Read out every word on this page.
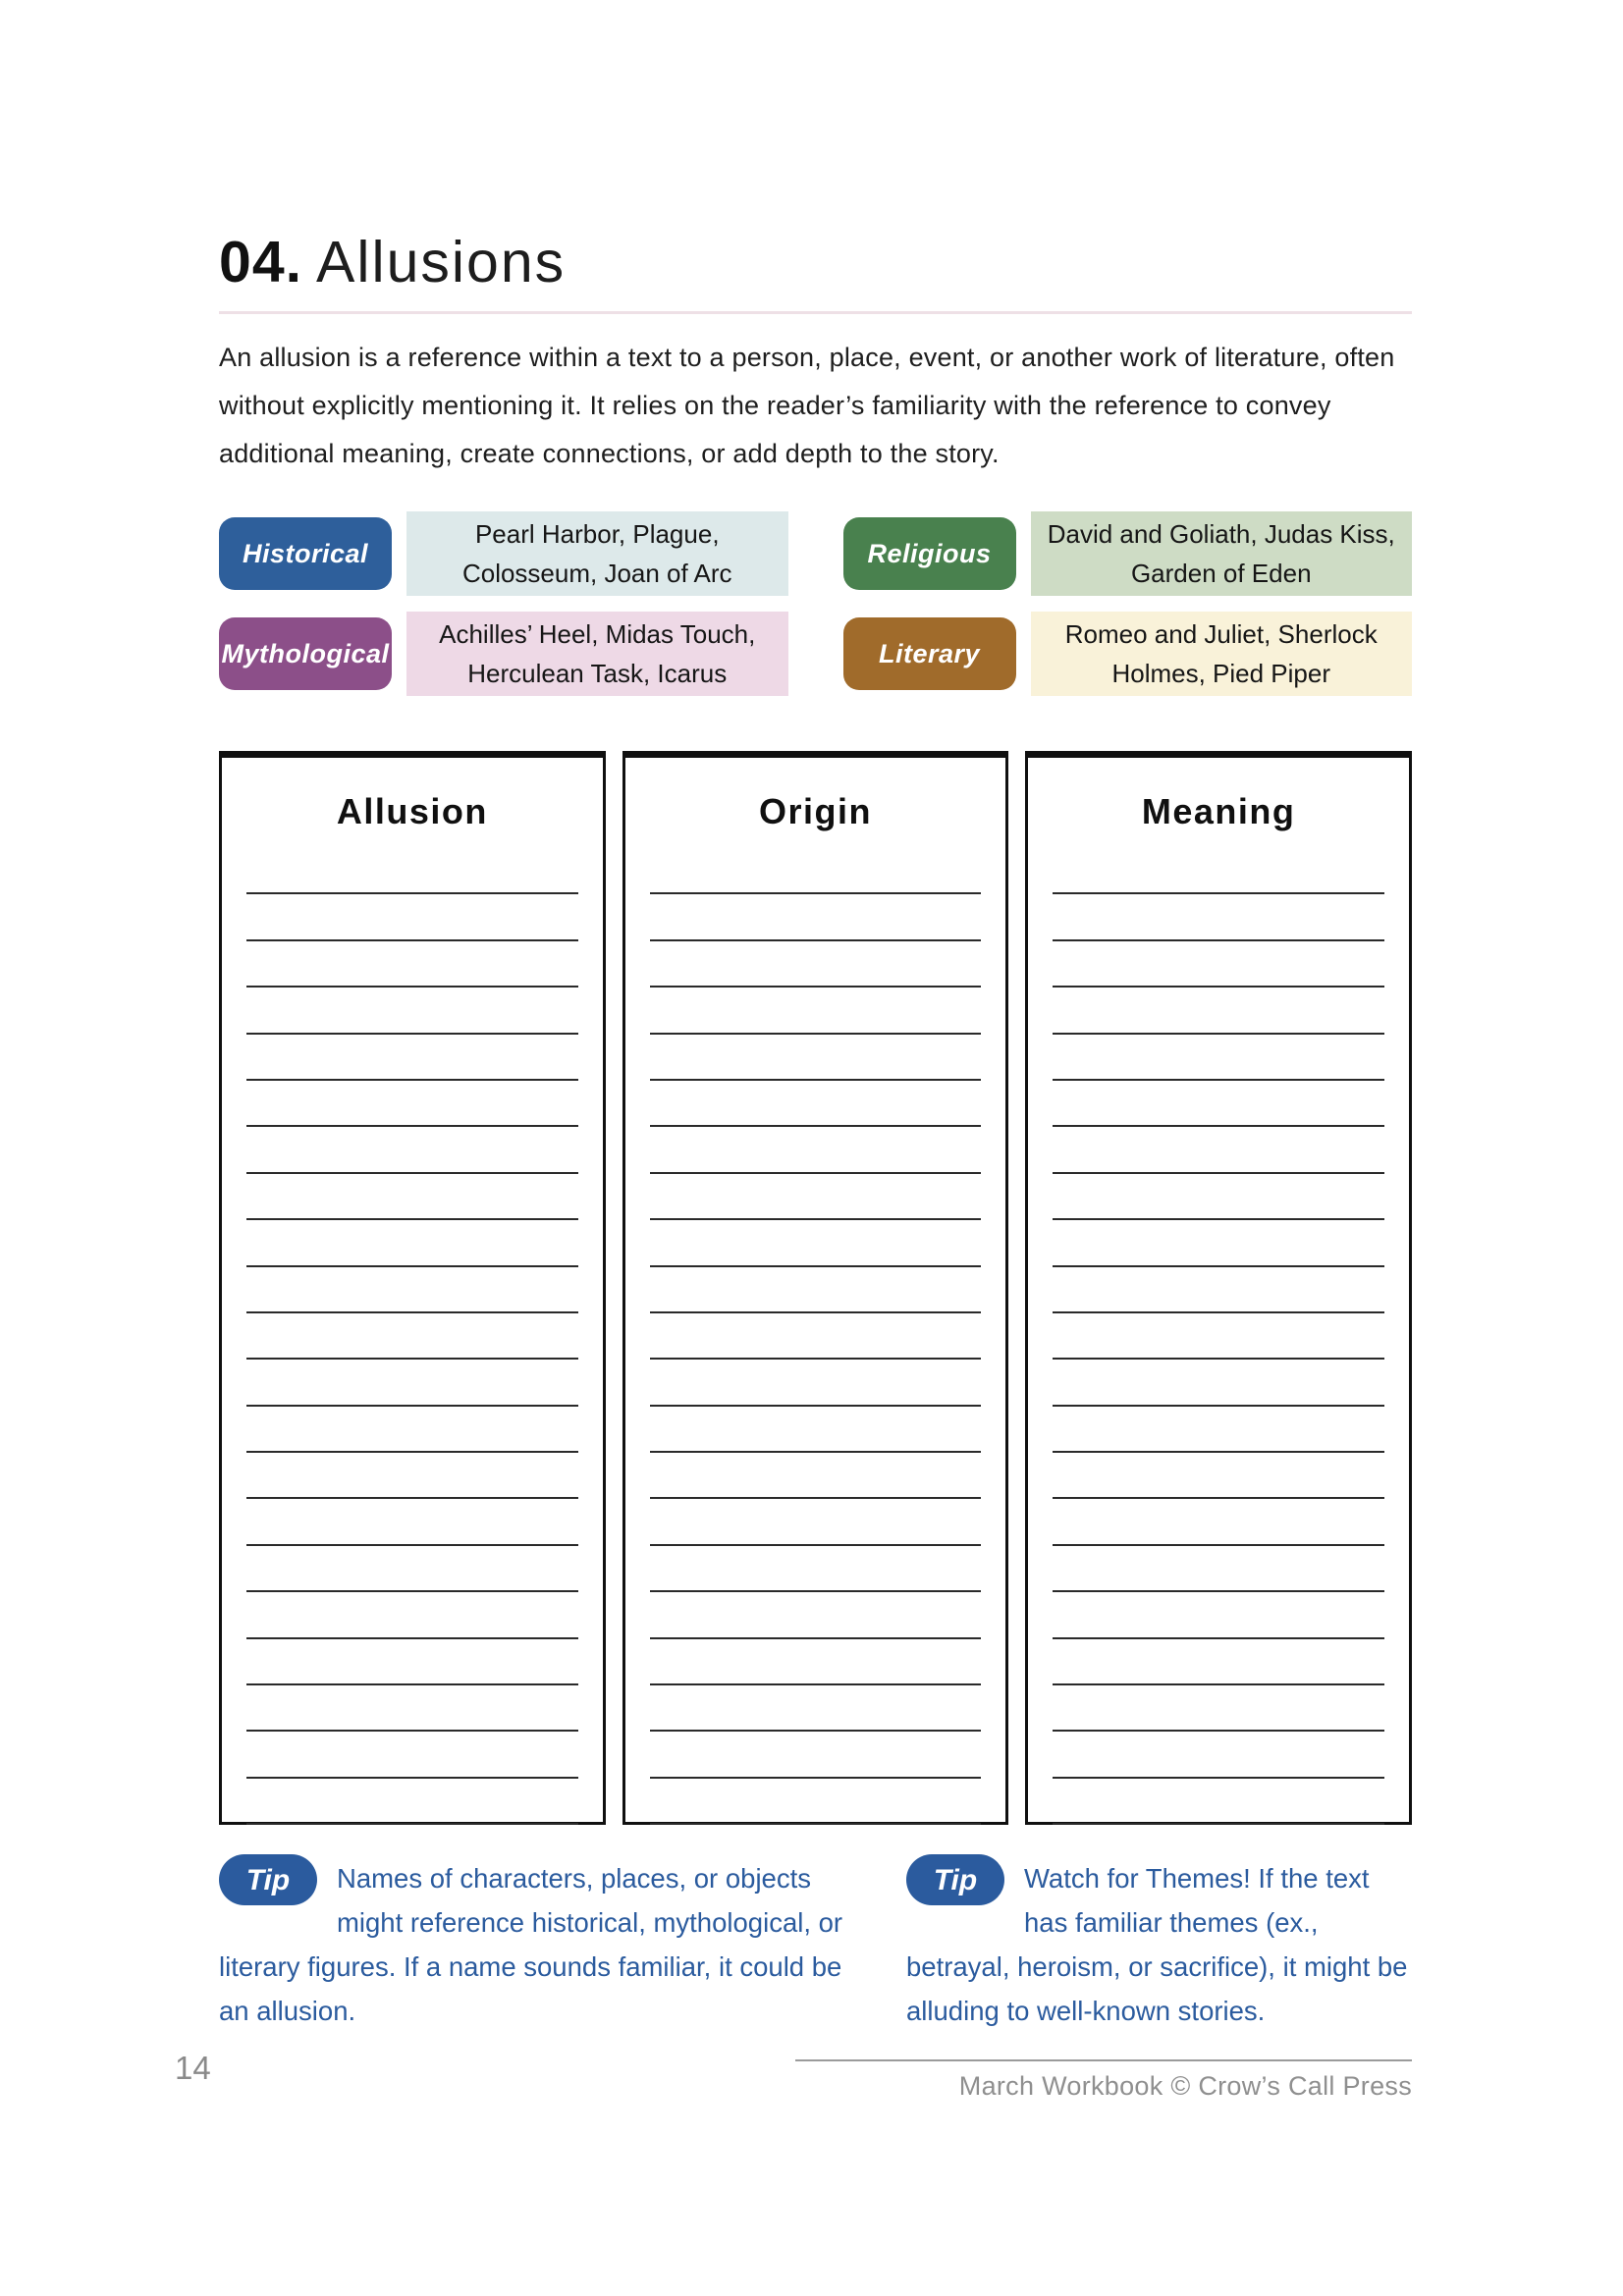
04. Allusions

An allusion is a reference within a text to a person, place, event, or another work of literature, often without explicitly mentioning it. It relies on the reader’s familiarity with the reference to convey additional meaning, create connections, or add depth to the story.

Historical
Pearl Harbor, Plague, Colosseum, Joan of Arc
Religious
David and Goliath, Judas Kiss, Garden of Eden
Mythological
Achilles’ Heel, Midas Touch, Herculean Task, Icarus
Literary
Romeo and Juliet, Sherlock Holmes, Pied Piper
Allusion	Origin	Meaning
Tip	Names of characters, places, or objects might reference historical, mythological, or literary figures. If a name sounds familiar, it could be an allusion.
Tip	Watch for Themes! If the text has familiar themes (ex., betrayal, heroism, or sacrifice), it might be alluding to well-known stories.
14	March Workbook © Crow’s Call Press
